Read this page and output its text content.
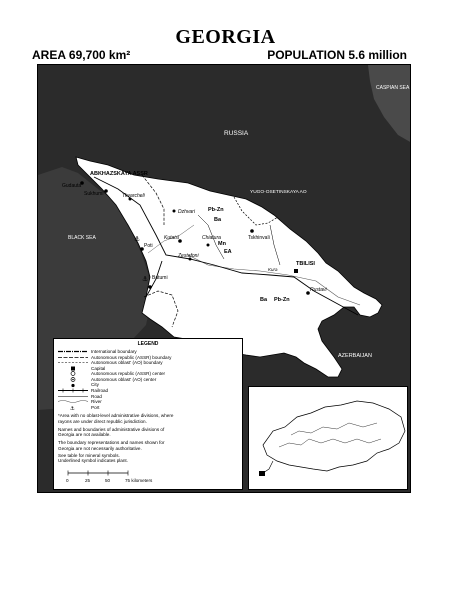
GEORGIA
AREA 69,700 km²	POPULATION 5.6 million
⚓
⚓
CASPIAN SEA
BLACK SEA
RUSSIA
ARMENIA
AZERBAIJAN
ABKHAZSKAYA ASSR
YUGO-OSETINSKAYA AO
Gudauta
Sukhumi	Tkvarcheli
Dzhvari
Kutaisi
Poti
Batumi
Zestafoni
Chiatura	Tskhinvali
TBILISI
Rustavi
Kura
Pb-Zn
Ba
Mn
EA
Ba Pb-Zn
LEGEND
International boundary
Autonomous republic (ASSR) boundary
Autonomous oblast' (AO) boundary
Capital
Autonomous republic (ASSR) center
Autonomous oblast' (AO) center
City
Railroad
Road
River
⚓	Port
*Area with no oblast-level administrative divisions, where rayons are under direct republic jurisdiction.
Names and boundaries of administrative divisions of Georgia are not available.
The boundary representations and names shown for Georgia are not necessarily authoritative.
See table for mineral symbols.
Underlined symbol indicates plant.
0	25	50	75 kilometers
